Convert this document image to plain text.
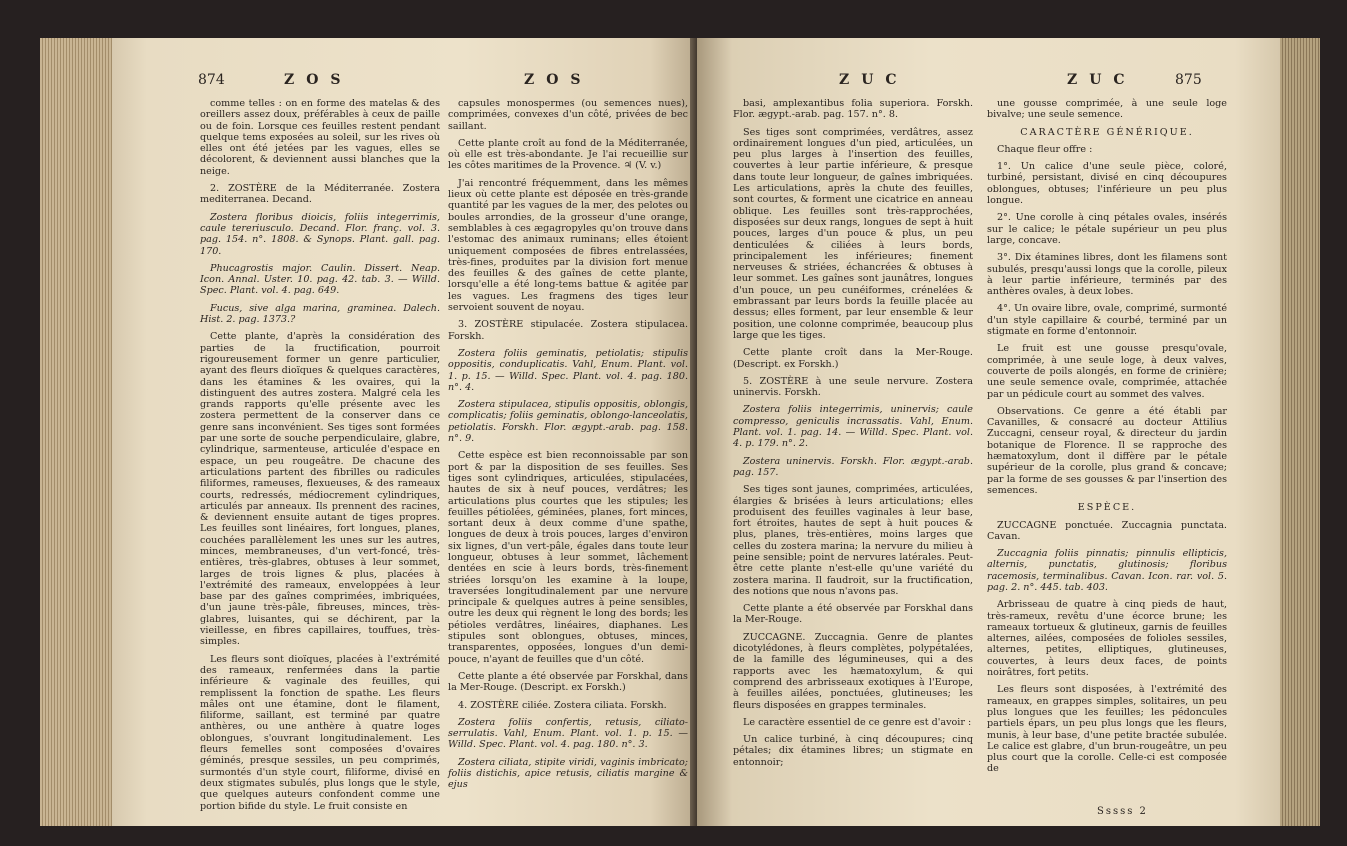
874	ZOS	ZOS

comme telles : on en forme des matelas & des oreillers assez doux, préférables à ceux de paille ou de foin. Lorsque ces feuilles restent pendant quelque tems exposées au soleil, sur les rives où elles ont été jetées par les vagues, elles se décolorent, & deviennent aussi blanches que la neige.

2. ZOSTÈRE de la Méditerranée. Zostera mediterranea. Decand.

Zostera floribus dioicis, foliis integerrimis, caule tereriusculo. Decand. Flor. franç. vol. 3. pag. 154. n°. 1808. & Synops. Plant. gall. pag. 170.

Phucagrostis major. Caulin. Dissert. Neap. Icon. Annal. Uster. 10. pag. 42. tab. 3. — Willd. Spec. Plant. vol. 4. pag. 649.

Fucus, sive alga marina, graminea. Dalech. Hist. 2. pag. 1373.?

Cette plante, d'après la considération des parties de la fructification, pourroit rigoureusement former un genre particulier, ayant des fleurs dioïques & quelques caractères, dans les étamines & les ovaires, qui la distinguent des autres zostera. Malgré cela les grands rapports qu'elle présente avec les zostera permettent de la conserver dans ce genre sans inconvénient. Ses tiges sont formées par une sorte de souche perpendiculaire, glabre, cylindrique, sarmenteuse, articulée d'espace en espace, un peu rougeâtre. De chacune des articulations partent des fibrilles ou radicules filiformes, rameuses, flexueuses, & des rameaux courts, redressés, médiocrement cylindriques, articulés par anneaux. Ils prennent des racines, & deviennent ensuite autant de tiges propres. Les feuilles sont linéaires, fort longues, planes, couchées parallèlement les unes sur les autres, minces, membraneuses, d'un vert-foncé, très-entières, très-glabres, obtuses à leur sommet, larges de trois lignes & plus, placées à l'extrémité des rameaux, enveloppées à leur base par des gaînes comprimées, imbriquées, d'un jaune très-pâle, fibreuses, minces, très-glabres, luisantes, qui se déchirent, par la vieillesse, en fibres capillaires, touffues, très-simples.

Les fleurs sont dioïques, placées à l'extrémité des rameaux, renfermées dans la partie inférieure & vaginale des feuilles, qui remplissent la fonction de spathe. Les fleurs mâles ont une étamine, dont le filament, filiforme, saillant, est terminé par quatre anthères, ou une anthère à quatre loges oblongues, s'ouvrant longitudinalement. Les fleurs femelles sont composées d'ovaires géminés, presque sessiles, un peu comprimés, surmontés d'un style court, filiforme, divisé en deux stigmates subulés, plus longs que le style, que quelques auteurs confondent comme une portion bifide du style. Le fruit consiste en

capsules monospermes (ou semences nues), comprimées, convexes d'un côté, privées de bec saillant.

Cette plante croît au fond de la Méditerranée, où elle est très-abondante. Je l'ai recueillie sur les côtes maritimes de la Provence. ♃ (V. v.)

J'ai rencontré fréquemment, dans les mêmes lieux où cette plante est déposée en très-grande quantité par les vagues de la mer, des pelotes ou boules arrondies, de la grosseur d'une orange, semblables à ces ægagropyles qu'on trouve dans l'estomac des animaux ruminans; elles étoient uniquement composées de fibres entrelassées, très-fines, produites par la division fort menue des feuilles & des gaînes de cette plante, lorsqu'elle a été long-tems battue & agitée par les vagues. Les fragmens des tiges leur servoient souvent de noyau.

3. ZOSTÈRE stipulacée. Zostera stipulacea. Forskh.

Zostera foliis geminatis, petiolatis; stipulis oppositis, conduplicatis. Vahl, Enum. Plant. vol. 1. p. 15. — Willd. Spec. Plant. vol. 4. pag. 180. n°. 4.

Zostera stipulacea, stipulis oppositis, oblongis, complicatis; foliis geminatis, oblongo-lanceolatis, petiolatis. Forskh. Flor. ægypt.-arab. pag. 158. n°. 9.

Cette espèce est bien reconnoissable par son port & par la disposition de ses feuilles. Ses tiges sont cylindriques, articulées, stipulacées, hautes de six à neuf pouces, verdâtres; les articulations plus courtes que les stipules; les feuilles pétiolées, géminées, planes, fort minces, sortant deux à deux comme d'une spathe, longues de deux à trois pouces, larges d'environ six lignes, d'un vert-pâle, égales dans toute leur longueur, obtuses à leur sommet, lâchement dentées en scie à leurs bords, très-finement striées lorsqu'on les examine à la loupe, traversées longitudinalement par une nervure principale & quelques autres à peine sensibles, outre les deux qui règnent le long des bords; les pétioles verdâtres, linéaires, diaphanes. Les stipules sont oblongues, obtuses, minces, transparentes, opposées, longues d'un demi-pouce, n'ayant de feuilles que d'un côté.

Cette plante a été observée par Forskhal, dans la Mer-Rouge. (Descript. ex Forskh.)

4. ZOSTÈRE ciliée. Zostera ciliata. Forskh.

Zostera foliis confertis, retusis, ciliato-serrulatis. Vahl, Enum. Plant. vol. 1. p. 15. — Willd. Spec. Plant. vol. 4. pag. 180. n°. 3.

Zostera ciliata, stipite viridi, vaginis imbricato; foliis distichis, apice retusis, ciliatis margine & ejus

ZUC	ZUC	875

basi, amplexantibus folia superiora. Forskh. Flor. ægypt.-arab. pag. 157. n°. 8.

Ses tiges sont comprimées, verdâtres, assez ordinairement longues d'un pied, articulées, un peu plus larges à l'insertion des feuilles, couvertes à leur partie inférieure, & presque dans toute leur longueur, de gaînes imbriquées. Les articulations, après la chute des feuilles, sont courtes, & forment une cicatrice en anneau oblique. Les feuilles sont très-rapprochées, disposées sur deux rangs, longues de sept à huit pouces, larges d'un pouce & plus, un peu denticulées & ciliées à leurs bords, principalement les inférieures; finement nerveuses & striées, échancrées & obtuses à leur sommet. Les gaînes sont jaunâtres, longues d'un pouce, un peu cunéiformes, crénelées & embrassant par leurs bords la feuille placée au dessus; elles forment, par leur ensemble & leur position, une colonne comprimée, beaucoup plus large que les tiges.

Cette plante croît dans la Mer-Rouge. (Descript. ex Forskh.)

5. ZOSTÈRE à une seule nervure. Zostera uninervis. Forskh.

Zostera foliis integerrimis, uninervis; caule compresso, geniculis incrassatis. Vahl, Enum. Plant. vol. 1. pag. 14. — Willd. Spec. Plant. vol. 4. p. 179. n°. 2.

Zostera uninervis. Forskh. Flor. ægypt.-arab. pag. 157.

Ses tiges sont jaunes, comprimées, articulées, élargies & brisées à leurs articulations; elles produisent des feuilles vaginales à leur base, fort étroites, hautes de sept à huit pouces & plus, planes, très-entières, moins larges que celles du zostera marina; la nervure du milieu à peine sensible; point de nervures latérales. Peut-être cette plante n'est-elle qu'une variété du zostera marina. Il faudroit, sur la fructification, des notions que nous n'avons pas.

Cette plante a été observée par Forskhal dans la Mer-Rouge.

ZUCCAGNE. Zuccagnia. Genre de plantes dicotylédones, à fleurs complètes, polypétalées, de la famille des légumineuses, qui a des rapports avec les hæmatoxylum, & qui comprend des arbrisseaux exotiques à l'Europe, à feuilles ailées, ponctuées, glutineuses; les fleurs disposées en grappes terminales.

Le caractère essentiel de ce genre est d'avoir :

Un calice turbiné, à cinq découpures; cinq pétales; dix étamines libres; un stigmate en entonnoir;

une gousse comprimée, à une seule loge bivalve; une seule semence.

CARACTÈRE GÉNÉRIQUE.

Chaque fleur offre :

1°. Un calice d'une seule pièce, coloré, turbiné, persistant, divisé en cinq découpures oblongues, obtuses; l'inférieure un peu plus longue.

2°. Une corolle à cinq pétales ovales, insérés sur le calice; le pétale supérieur un peu plus large, concave.

3°. Dix étamines libres, dont les filamens sont subulés, presqu'aussi longs que la corolle, pileux à leur partie inférieure, terminés par des anthères ovales, à deux lobes.

4°. Un ovaire libre, ovale, comprimé, surmonté d'un style capillaire & courbé, terminé par un stigmate en forme d'entonnoir.

Le fruit est une gousse presqu'ovale, comprimée, à une seule loge, à deux valves, couverte de poils alongés, en forme de crinière; une seule semence ovale, comprimée, attachée par un pédicule court au sommet des valves.

Observations. Ce genre a été établi par Cavanilles, & consacré au docteur Attilius Zuccagni, censeur royal, & directeur du jardin botanique de Florence. Il se rapproche des hæmatoxylum, dont il diffère par le pétale supérieur de la corolle, plus grand & concave; par la forme de ses gousses & par l'insertion des semences.

ESPÈCE.

ZUCCAGNE ponctuée. Zuccagnia punctata. Cavan.

Zuccagnia foliis pinnatis; pinnulis ellipticis, alternis, punctatis, glutinosis; floribus racemosis, terminalibus. Cavan. Icon. rar. vol. 5. pag. 2. n°. 445. tab. 403.

Arbrisseau de quatre à cinq pieds de haut, très-rameux, revêtu d'une écorce brune; les rameaux tortueux & glutineux, garnis de feuilles alternes, ailées, composées de folioles sessiles, alternes, petites, elliptiques, glutineuses, couvertes, à leurs deux faces, de points noirâtres, fort petits.

Les fleurs sont disposées, à l'extrémité des rameaux, en grappes simples, solitaires, un peu plus longues que les feuilles; les pédoncules partiels épars, un peu plus longs que les fleurs, munis, à leur base, d'une petite bractée subulée. Le calice est glabre, d'un brun-rougeâtre, un peu plus court que la corolle. Celle-ci est composée de

Sssss 2
